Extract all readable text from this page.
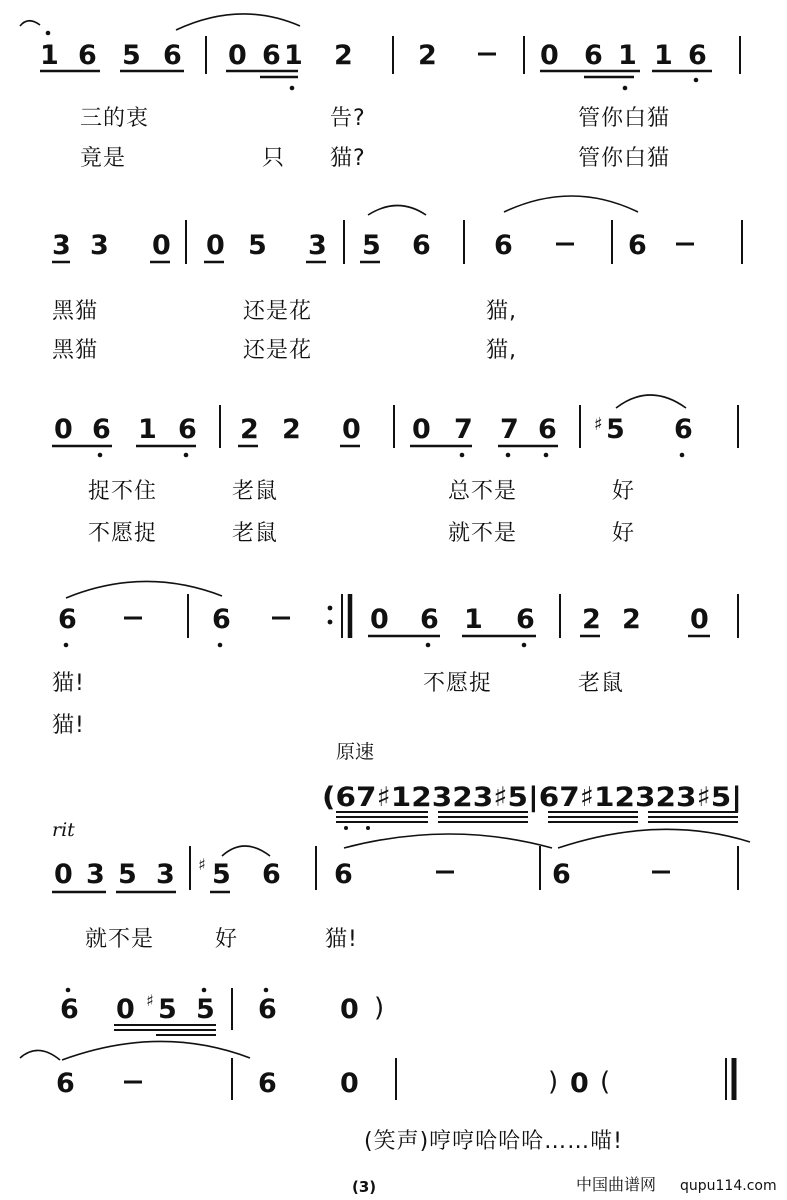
1 6 5 6 0 6 1 2 2	0 6 1 1 6
三的衷	告?	管你白猫
竟是	只 猫?	管你白猫
3 3 0 0 5 3 5 6 6	6
黑猫	还是花	猫,
黑猫	还是花	猫,
0 6 1 6 2 2 0 0 7 7 6 ♯ 5 6
捉不住	老鼠	总不是	好
不愿捉	老鼠	就不是	好
6	6	0 6 1 6 2 2 0
猫!	不愿捉	老鼠
猫!
原速
(67♯12323♯5|67♯12323♯5|
rit
0 3 5 3 ♯ 5 6 6	6
就不是	好	猫!
6 0 ♯ 5 5 6 0 )
6	6 0	) 0 (
(笑声)哼哼哈哈哈……喵!
(3)	中国曲谱网 qupu114.com
